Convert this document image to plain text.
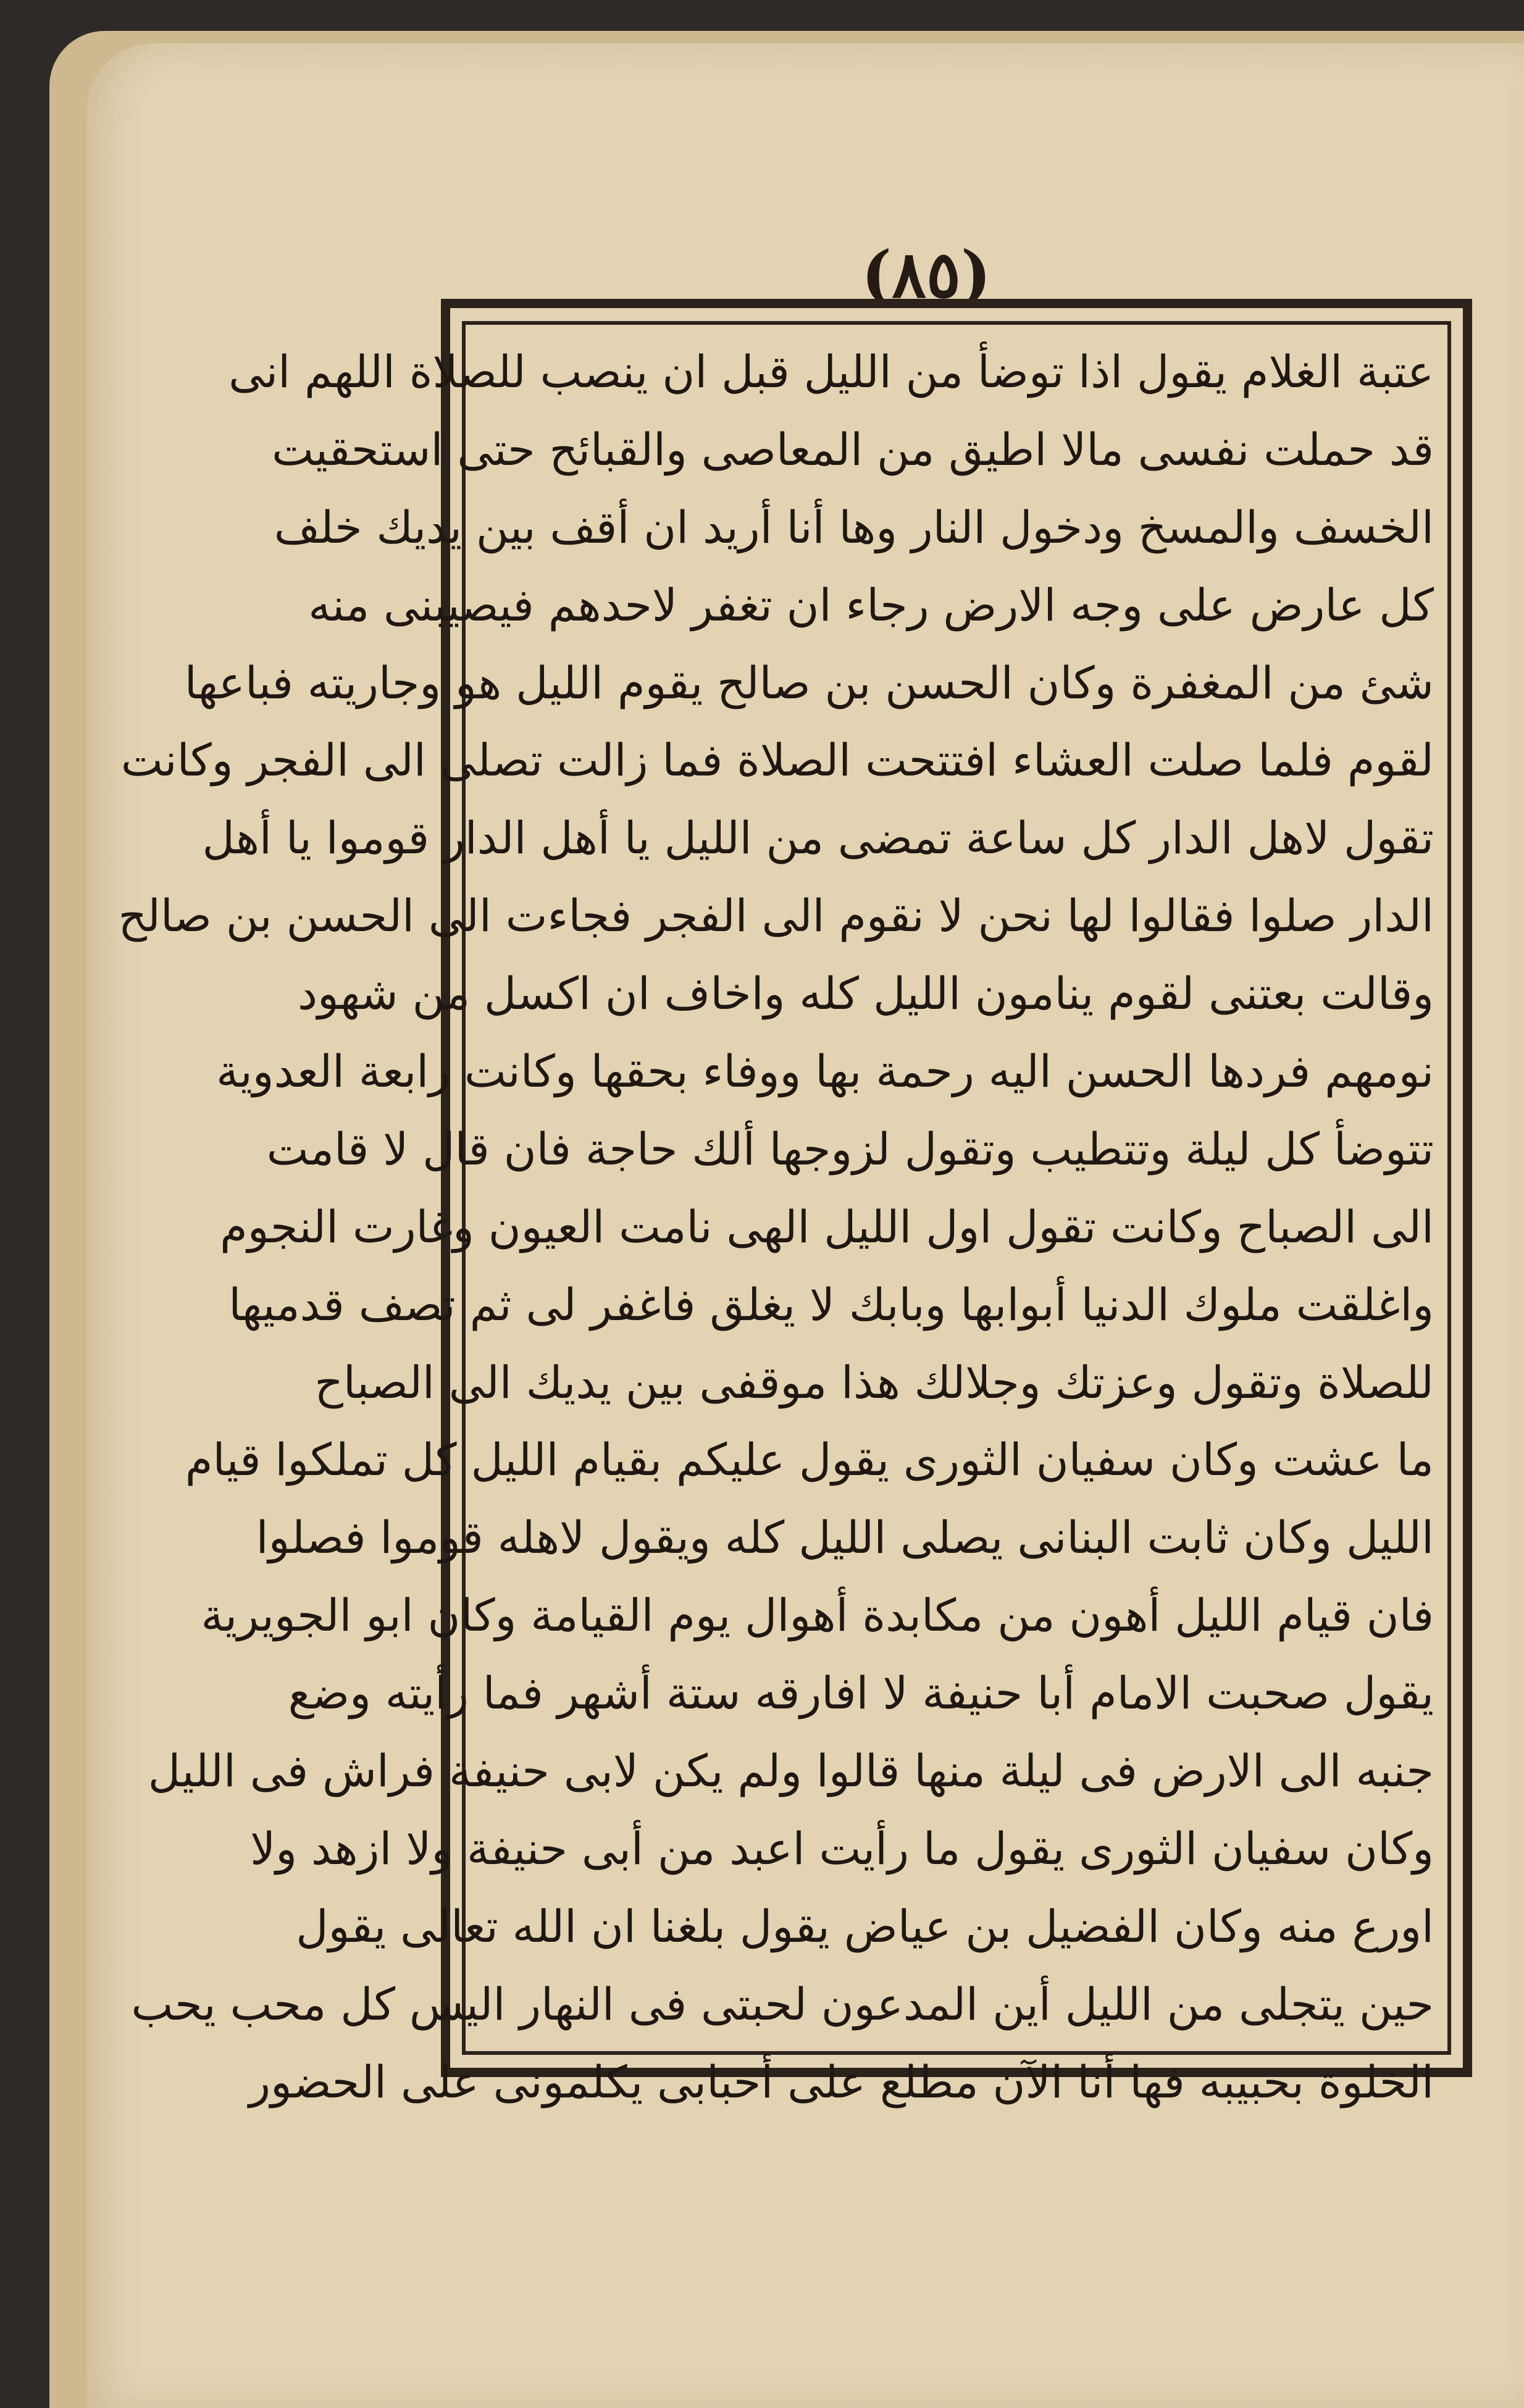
(٨٥)
عتبة الغلام يقول اذا توضأ من الليل قبل ان ينصب للصلاة اللهم انى
قد حملت نفسى مالا اطيق من المعاصى والقبائح حتى استحقيت
الخسف والمسخ ودخول النار وها أنا أريد ان أقف بين يديك خلف
كل عارض على وجه الارض رجاء ان تغفر لاحدهم فيصيبنى منه
شئ من المغفرة وكان الحسن بن صالح يقوم الليل هو وجاريته فباعها
لقوم فلما صلت العشاء افتتحت الصلاة فما زالت تصلى الى الفجر وكانت
تقول لاهل الدار كل ساعة تمضى من الليل يا أهل الدار قوموا يا أهل
الدار صلوا فقالوا لها نحن لا نقوم الى الفجر فجاءت الى الحسن بن صالح
وقالت بعتنى لقوم ينامون الليل كله واخاف ان اكسل من شهود
نومهم فردها الحسن اليه رحمة بها ووفاء بحقها وكانت رابعة العدوية
تتوضأ كل ليلة وتتطيب وتقول لزوجها ألك حاجة فان قال لا قامت
الى الصباح وكانت تقول اول الليل الهى نامت العيون وغارت النجوم
واغلقت ملوك الدنيا أبوابها وبابك لا يغلق فاغفر لى ثم تصف قدميها
للصلاة وتقول وعزتك وجلالك هذا موقفى بين يديك الى الصباح
ما عشت وكان سفيان الثورى يقول عليكم بقيام الليل كل تملكوا قيام
الليل وكان ثابت البنانى يصلى الليل كله ويقول لاهله قوموا فصلوا
فان قيام الليل أهون من مكابدة أهوال يوم القيامة وكان ابو الجويرية
يقول صحبت الامام أبا حنيفة لا افارقه ستة أشهر فما رأيته وضع
جنبه الى الارض فى ليلة منها قالوا ولم يكن لابى حنيفة فراش فى الليل
وكان سفيان الثورى يقول ما رأيت اعبد من أبى حنيفة ولا ازهد ولا
اورع منه وكان الفضيل بن عياض يقول بلغنا ان الله تعالى يقول
حين يتجلى من الليل أين المدعون لحبتى فى النهار اليس كل محب يحب
الخلوة بحبيبه فها أنا الآن مطلع على أحبابى يكلمونى على الحضور
